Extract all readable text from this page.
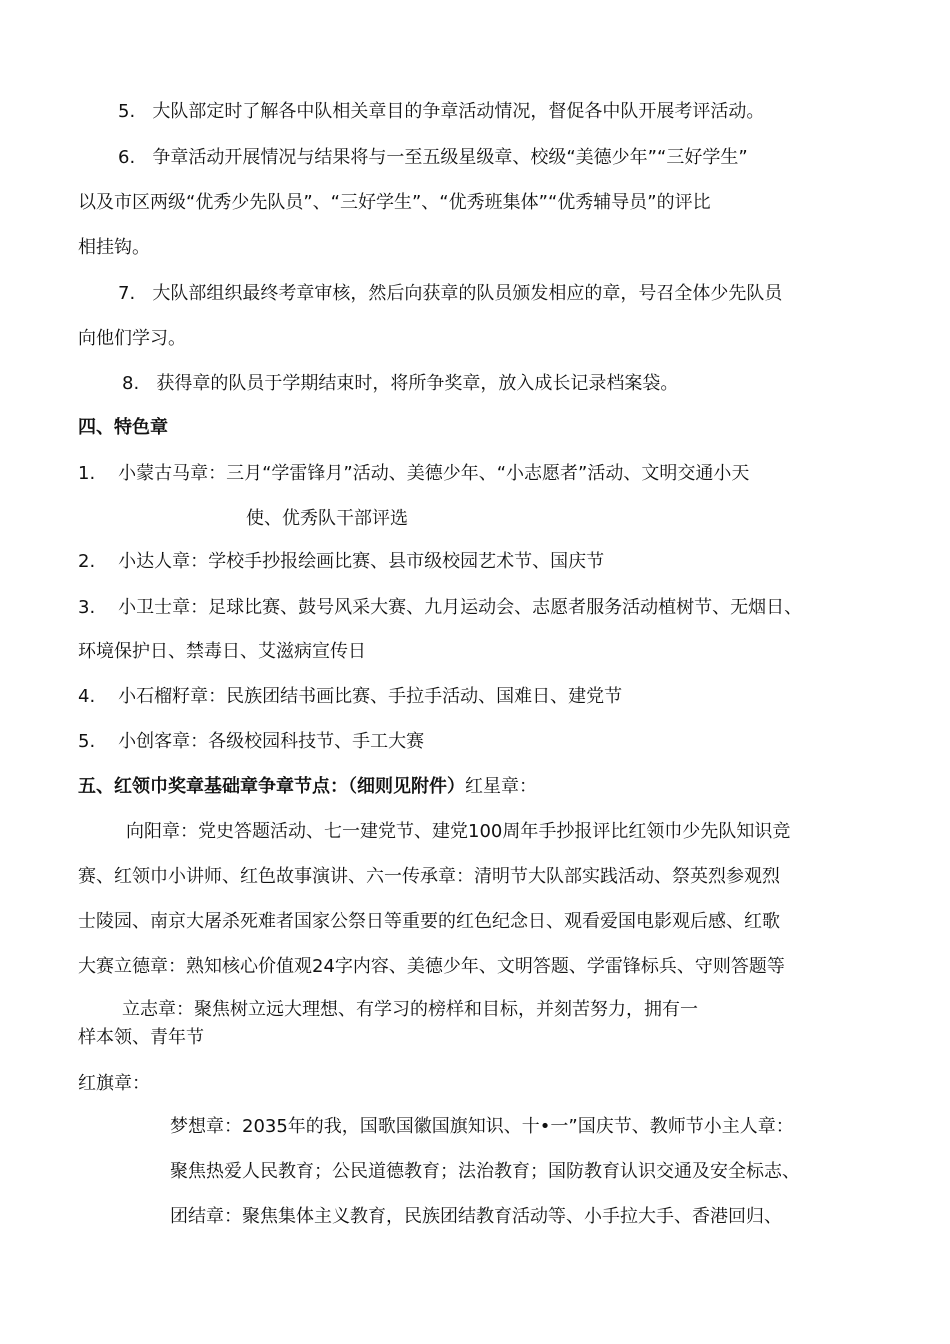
5. 大队部定时了解各中队相关章目的争章活动情况，督促各中队开展考评活动。
6. 争章活动开展情况与结果将与一至五级星级章、校级“美德少年”“三好学生”
以及市区两级“优秀少先队员”、“三好学生”、“优秀班集体”“优秀辅导员”的评比
相挂钩。
7. 大队部组织最终考章审核，然后向获章的队员颁发相应的章，号召全体少先队员
向他们学习。
8. 获得章的队员于学期结束时，将所争奖章，放入成长记录档案袋。
四、特色章
1. 小蒙古马章：三月“学雷锋月”活动、美德少年、“小志愿者”活动、文明交通小天
使、优秀队干部评选
2. 小达人章：学校手抄报绘画比赛、县市级校园艺术节、国庆节
3. 小卫士章：足球比赛、鼓号风采大赛、九月运动会、志愿者服务活动植树节、无烟日、
环境保护日、禁毒日、艾滋病宣传日
4. 小石榴籽章：民族团结书画比赛、手拉手活动、国难日、建党节
5. 小创客章：各级校园科技节、手工大赛
五、红领巾奖章基础章争章节点：（细则见附件）红星章：
向阳章：党史答题活动、七一建党节、建党100周年手抄报评比红领巾少先队知识竞
赛、红领巾小讲师、红色故事演讲、六一传承章：清明节大队部实践活动、祭英烈参观烈
士陵园、南京大屠杀死难者国家公祭日等重要的红色纪念日、观看爱国电影观后感、红歌
大赛立德章：熟知核心价值观24字内容、美德少年、文明答题、学雷锋标兵、守则答题等
立志章：聚焦树立远大理想、有学习的榜样和目标，并刻苦努力，拥有一
样本领、青年节
红旗章：
梦想章：2035年的我，国歌国徽国旗知识、十•一”国庆节、教师节小主人章：
聚焦热爱人民教育；公民道德教育；法治教育；国防教育认识交通及安全标志、
团结章：聚焦集体主义教育，民族团结教育活动等、小手拉大手、香港回归、
